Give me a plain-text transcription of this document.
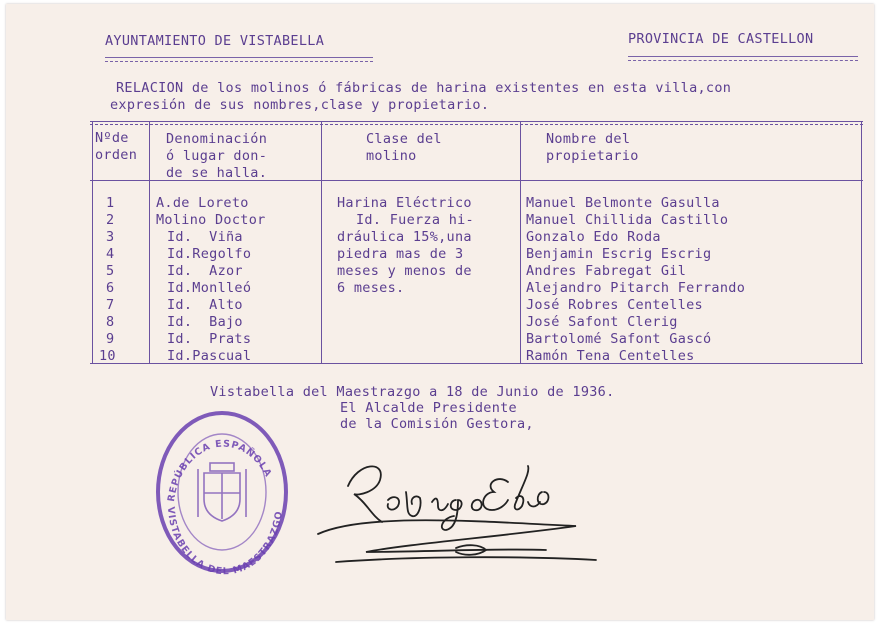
AYUNTAMIENTO DE VISTABELLA	PROVINCIA DE CASTELLON
RELACION de los molinos ó fábricas de harina existentes en esta villa,con
expresión de sus nombres,clase y propietario.
Nºde
orden
Denominación
ó lugar don-
de se halla.
Clase del
molino
Nombre del
propietario
1
2
3
4
5
6
7
8
9
10
A.de Loreto
Molino Doctor
Id.  Viña
Id.Regolfo
Id.  Azor
Id.Monlleó
Id.  Alto
Id.  Bajo
Id.  Prats
Id.Pascual
Harina Eléctrico
Id. Fuerza hi-
dráulica 15%,una
piedra mas de 3
meses y menos de
6 meses.
Manuel Belmonte Gasulla
Manuel Chillida Castillo
Gonzalo Edo Roda
Benjamin Escrig Escrig
Andres Fabregat Gil
Alejandro Pitarch Ferrando
José Robres Centelles
José Safont Clerig
Bartolomé Safont Gascó
Ramón Tena Centelles
Vistabella del Maestrazgo a 18 de Junio de 1936.
El Alcalde Presidente
de la Comisión Gestora,
REPÚBLICA ESPAÑOLA
VISTABELLA DEL MAESTRAZGO
